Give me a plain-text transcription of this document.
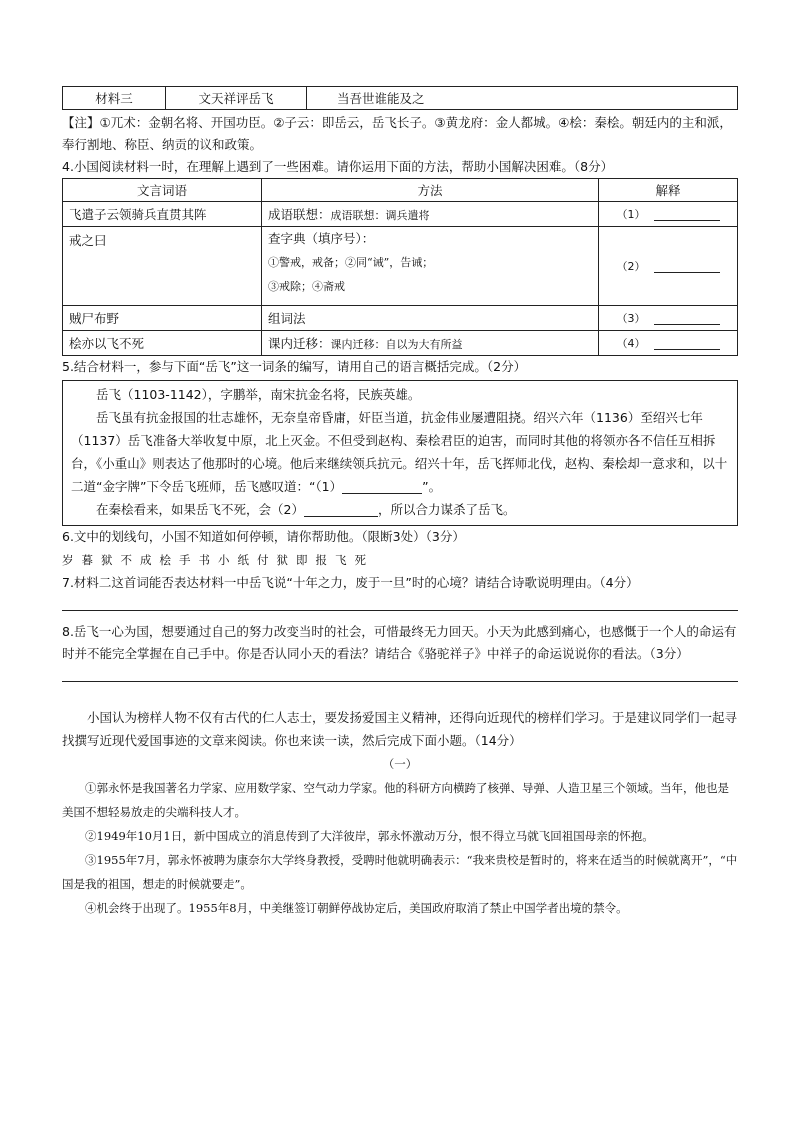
材料三	文天祥评岳飞	当吾世谁能及之

【注】①兀术：金朝名将、开国功臣。②子云：即岳云，岳飞长子。③黄龙府：金人都城。④桧：秦桧。朝廷内的主和派，奉行割地、称臣、纳贡的议和政策。

4.小国阅读材料一时，在理解上遇到了一些困难。请你运用下面的方法，帮助小国解决困难。（8分）

文言词语	方法	解释
飞遣子云领骑兵直贯其阵	成语联想：成语联想：调兵遣将	（1）
戒之曰	查字典（填序号）：
①警戒，戒备；②同“诫”，告诫；
③戒除；④斋戒	（2）
贼尸布野	组词法	（3）
桧亦以飞不死	课内迁移：课内迁移：自以为大有所益	（4）

5.结合材料一，参与下面“岳飞”这一词条的编写，请用自己的语言概括完成。（2分）

岳飞（1103-1142），字鹏举，南宋抗金名将，民族英雄。

岳飞虽有抗金报国的壮志雄怀，无奈皇帝昏庸，奸臣当道，抗金伟业屡遭阻挠。绍兴六年（1136）至绍兴七年（1137）岳飞准备大举收复中原，北上灭金。不但受到赵构、秦桧君臣的迫害，而同时其他的将领亦各不信任互相拆台，《小重山》则表达了他那时的心境。他后来继续领兵抗元。绍兴十年，岳飞挥师北伐，赵构、秦桧却一意求和，以十二道“金字牌”下令岳飞班师，岳飞感叹道：“（1）	”。

在秦桧看来，如果岳飞不死，会（2）	，所以合力谋杀了岳飞。

6.文中的划线句，小国不知道如何停顿，请你帮助他。（限断3处）（3分）

岁暮狱不成桧手书小纸付狱即报飞死

7.材料二这首词能否表达材料一中岳飞说“十年之力，废于一旦”时的心境？请结合诗歌说明理由。（4分）

8.岳飞一心为国，想要通过自己的努力改变当时的社会，可惜最终无力回天。小天为此感到痛心，也感慨于一个人的命运有时并不能完全掌握在自己手中。你是否认同小天的看法？请结合《骆驼祥子》中祥子的命运说说你的看法。（3分）

小国认为榜样人物不仅有古代的仁人志士，要发扬爱国主义精神，还得向近现代的榜样们学习。于是建议同学们一起寻找撰写近现代爱国事迹的文章来阅读。你也来读一读，然后完成下面小题。（14分）

（一）

①郭永怀是我国著名力学家、应用数学家、空气动力学家。他的科研方向横跨了核弹、导弹、人造卫星三个领域。当年，他也是美国不想轻易放走的尖端科技人才。

②1949年10月1日，新中国成立的消息传到了大洋彼岸，郭永怀激动万分，恨不得立马就飞回祖国母亲的怀抱。

③1955年7月，郭永怀被聘为康奈尔大学终身教授，受聘时他就明确表示：“我来贵校是暂时的，将来在适当的时候就离开”，“中国是我的祖国，想走的时候就要走”。

④机会终于出现了。1955年8月，中美继签订朝鲜停战协定后，美国政府取消了禁止中国学者出境的禁令。
